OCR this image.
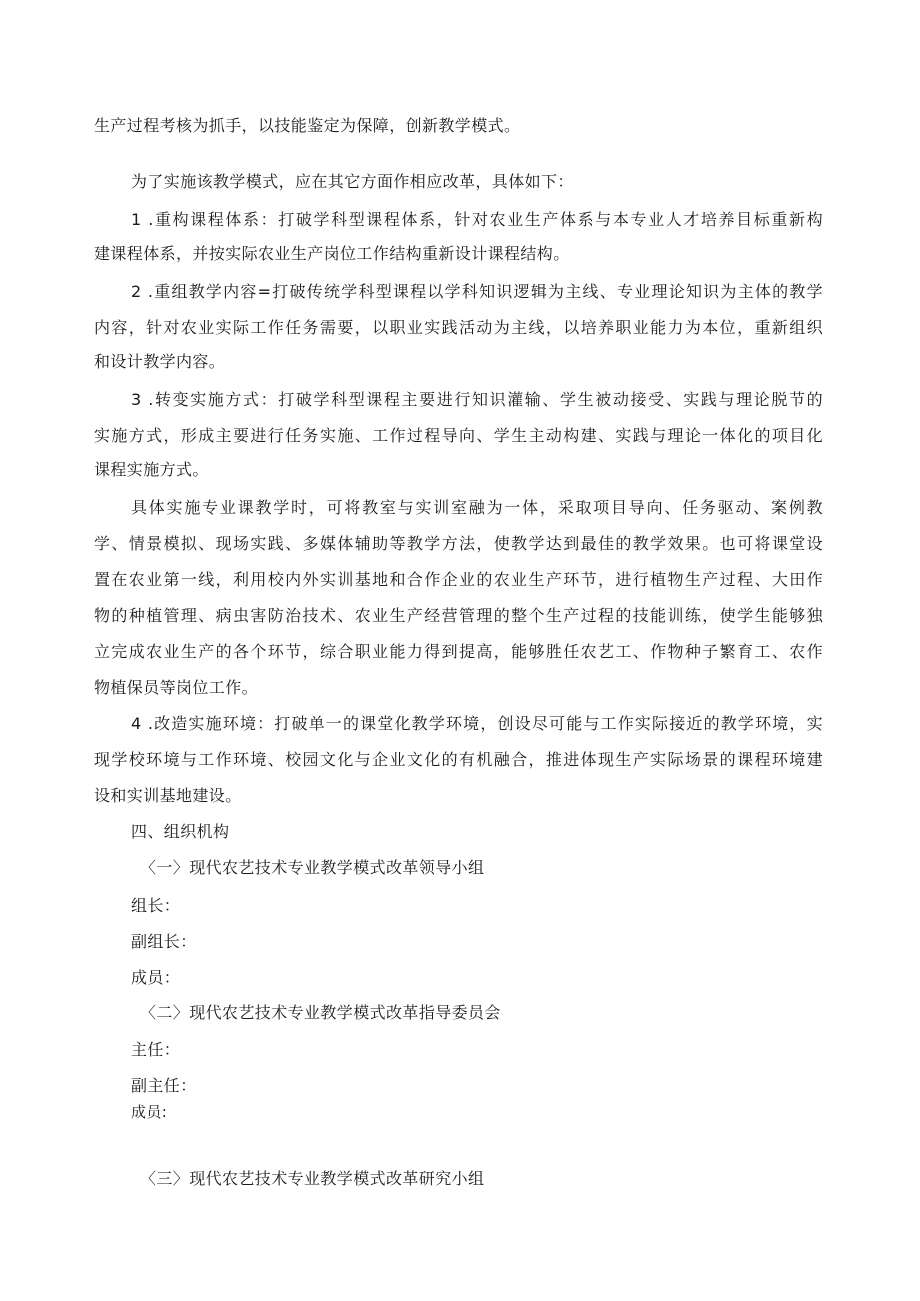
生产过程考核为抓手，以技能鉴定为保障，创新教学模式。

为了实施该教学模式，应在其它方面作相应改革，具体如下：

1 .重构课程体系：打破学科型课程体系，针对农业生产体系与本专业人才培养目标重新构

建课程体系，并按实际农业生产岗位工作结构重新设计课程结构。

2 .重组教学内容=打破传统学科型课程以学科知识逻辑为主线、专业理论知识为主体的教学

内容，针对农业实际工作任务需要，以职业实践活动为主线，以培养职业能力为本位，重新组织

和设计教学内容。

3 .转变实施方式：打破学科型课程主要进行知识灌输、学生被动接受、实践与理论脱节的

实施方式，形成主要进行任务实施、工作过程导向、学生主动构建、实践与理论一体化的项目化

课程实施方式。

具体实施专业课教学时，可将教室与实训室融为一体，采取项目导向、任务驱动、案例教

学、情景模拟、现场实践、多媒体辅助等教学方法，使教学达到最佳的教学效果。也可将课堂设

置在农业第一线，利用校内外实训基地和合作企业的农业生产环节，进行植物生产过程、大田作

物的种植管理、病虫害防治技术、农业生产经营管理的整个生产过程的技能训练，使学生能够独

立完成农业生产的各个环节，综合职业能力得到提高，能够胜任农艺工、作物种子繁育工、农作

物植保员等岗位工作。

4 .改造实施环境：打破单一的课堂化教学环境，创设尽可能与工作实际接近的教学环境，实

现学校环境与工作环境、校园文化与企业文化的有机融合，推进体现生产实际场景的课程环境建

设和实训基地建设。

四、组织机构

〈一〉现代农艺技术专业教学模式改革领导小组

组长：

副组长：

成员：

〈二〉现代农艺技术专业教学模式改革指导委员会

主任：

副主任：

成员:

〈三〉现代农艺技术专业教学模式改革研究小组
